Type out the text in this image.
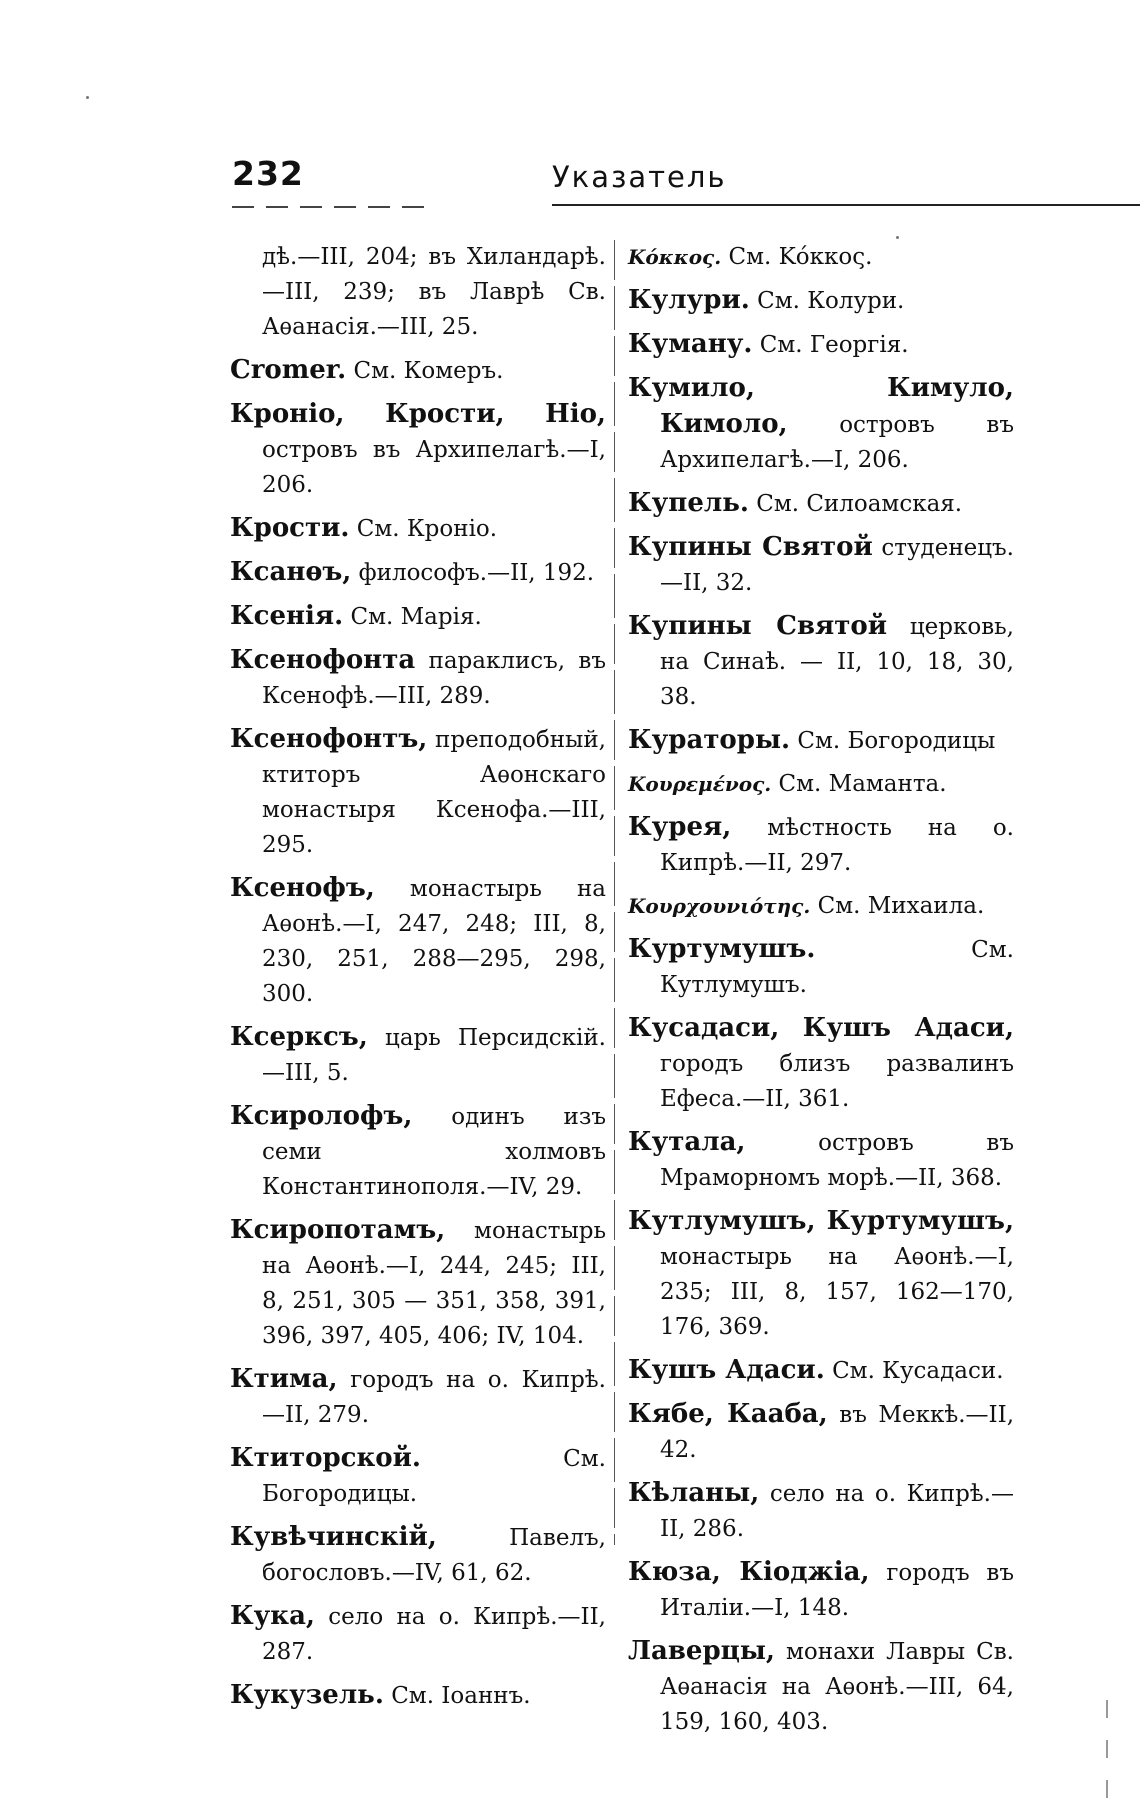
232	Указатель

дѣ.—III, 204; въ Хиландарѣ.—III, 239; въ Лаврѣ Св. Аѳанасія.—III, 25.

Cromer. См. Комеръ.

Кроніо, Крости, Ніо, островъ въ Архипелагѣ.—I, 206.

Крости. См. Кроніо.

Ксанѳъ, философъ.—II, 192.

Ксенія. См. Марія.

Ксенофонта параклисъ, въ Ксенофѣ.—III, 289.

Ксенофонтъ, преподобный, ктиторъ Аѳонскаго монастыря Ксенофа.—III, 295.

Ксенофъ, монастырь на Аѳонѣ.—I, 247, 248; III, 8, 230, 251, 288—295, 298, 300.

Ксерксъ, царь Персидскій.—III, 5.

Ксиролофъ, одинъ изъ семи холмовъ Константинополя.—IV, 29.

Ксиропотамъ, монастырь на Аѳонѣ.—I, 244, 245; III, 8, 251, 305 — 351, 358, 391, 396, 397, 405, 406; IV, 104.

Ктима, городъ на о. Кипрѣ.—II, 279.

Ктиторской. См. Богородицы.

Кувѣчинскій, Павелъ, богословъ.—IV, 61, 62.

Кука, село на о. Кипрѣ.—II, 287.

Кукузель. См. Іоаннъ.

Κόκκος. См. Κόκκος.

Кулури. См. Колури.

Куману. См. Георгія.

Кумило, Кимуло, Кимоло, островъ въ Архипелагѣ.—I, 206.

Купель. См. Силоамская.

Купины Святой студенецъ.—II, 32.

Купины Святой церковь, на Синаѣ. — II, 10, 18, 30, 38.

Кураторы. См. Богородицы

Κουρεμένος. См. Маманта.

Курея, мѣстность на о. Кипрѣ.—II, 297.

Κουρχουνιότης. См. Михаила.

Куртумушъ. См. Кутлумушъ.

Кусадаси, Кушъ Адаси, городъ близъ развалинъ Ефеса.—II, 361.

Кутала, островъ въ Мраморномъ морѣ.—II, 368.

Кутлумушъ, Куртумушъ, монастырь на Аѳонѣ.—I, 235; III, 8, 157, 162—170, 176, 369.

Кушъ Адаси. См. Кусадаси.

Кябе, Кааба, въ Меккѣ.—II, 42.

Кѣланы, село на о. Кипрѣ.—II, 286.

Кюза, Кіоджіа, городъ въ Италіи.—I, 148.

Лаверцы, монахи Лавры Св. Аѳанасія на Аѳонѣ.—III, 64, 159, 160, 403.
